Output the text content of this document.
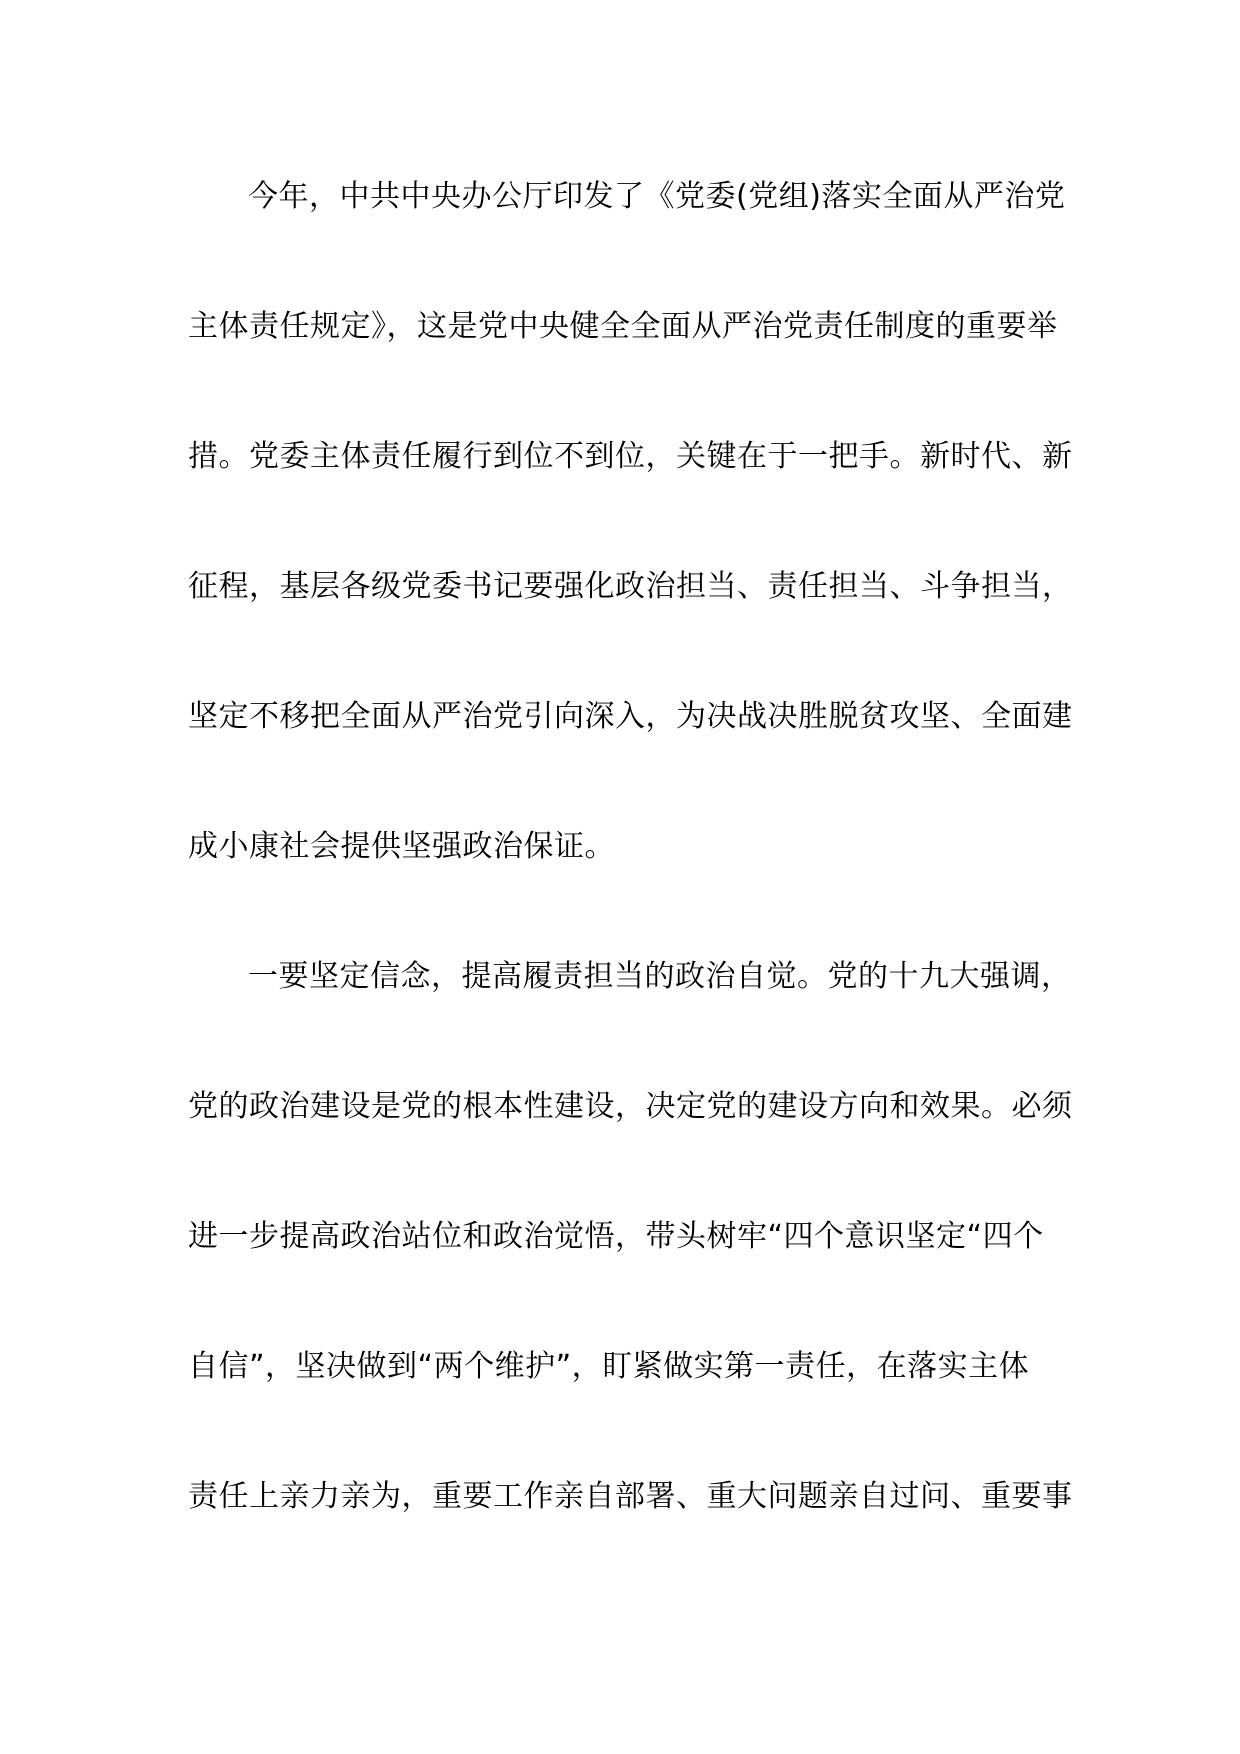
今年，中共中央办公厅印发了《党委(党组)落实全面从严治党
主体责任规定》，这是党中央健全全面从严治党责任制度的重要举
措。党委主体责任履行到位不到位，关键在于一把手。新时代、新
征程，基层各级党委书记要强化政治担当、责任担当、斗争担当，
坚定不移把全面从严治党引向深入，为决战决胜脱贫攻坚、全面建
成小康社会提供坚强政治保证。
一要坚定信念，提高履责担当的政治自觉。党的十九大强调，
党的政治建设是党的根本性建设，决定党的建设方向和效果。必须
进一步提高政治站位和政治觉悟，带头树牢“四个意识坚定“四个
自信”，坚决做到“两个维护”，盯紧做实第一责任，在落实主体
责任上亲力亲为，重要工作亲自部署、重大问题亲自过问、重要事
